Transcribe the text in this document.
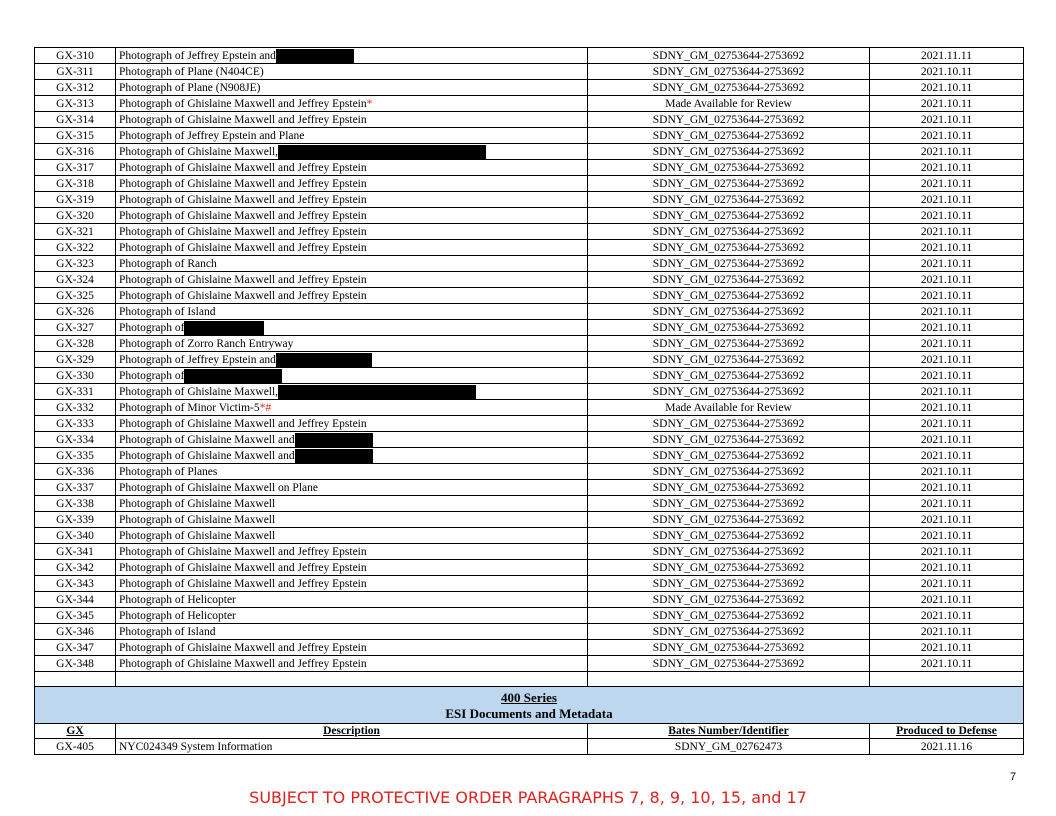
GX-310	Photograph of Jeffrey Epstein and	SDNY_GM_02753644-2753692	2021.11.11
GX-311	Photograph of Plane (N404CE)	SDNY_GM_02753644-2753692	2021.10.11
GX-312	Photograph of Plane (N908JE)	SDNY_GM_02753644-2753692	2021.10.11
GX-313	Photograph of Ghislaine Maxwell and Jeffrey Epstein*	Made Available for Review	2021.10.11
GX-314	Photograph of Ghislaine Maxwell and Jeffrey Epstein	SDNY_GM_02753644-2753692	2021.10.11
GX-315	Photograph of Jeffrey Epstein and Plane	SDNY_GM_02753644-2753692	2021.10.11
GX-316	Photograph of Ghislaine Maxwell,	SDNY_GM_02753644-2753692	2021.10.11
GX-317	Photograph of Ghislaine Maxwell and Jeffrey Epstein	SDNY_GM_02753644-2753692	2021.10.11
GX-318	Photograph of Ghislaine Maxwell and Jeffrey Epstein	SDNY_GM_02753644-2753692	2021.10.11
GX-319	Photograph of Ghislaine Maxwell and Jeffrey Epstein	SDNY_GM_02753644-2753692	2021.10.11
GX-320	Photograph of Ghislaine Maxwell and Jeffrey Epstein	SDNY_GM_02753644-2753692	2021.10.11
GX-321	Photograph of Ghislaine Maxwell and Jeffrey Epstein	SDNY_GM_02753644-2753692	2021.10.11
GX-322	Photograph of Ghislaine Maxwell and Jeffrey Epstein	SDNY_GM_02753644-2753692	2021.10.11
GX-323	Photograph of Ranch	SDNY_GM_02753644-2753692	2021.10.11
GX-324	Photograph of Ghislaine Maxwell and Jeffrey Epstein	SDNY_GM_02753644-2753692	2021.10.11
GX-325	Photograph of Ghislaine Maxwell and Jeffrey Epstein	SDNY_GM_02753644-2753692	2021.10.11
GX-326	Photograph of Island	SDNY_GM_02753644-2753692	2021.10.11
GX-327	Photograph of	SDNY_GM_02753644-2753692	2021.10.11
GX-328	Photograph of Zorro Ranch Entryway	SDNY_GM_02753644-2753692	2021.10.11
GX-329	Photograph of Jeffrey Epstein and	SDNY_GM_02753644-2753692	2021.10.11
GX-330	Photograph of	SDNY_GM_02753644-2753692	2021.10.11
GX-331	Photograph of Ghislaine Maxwell,	SDNY_GM_02753644-2753692	2021.10.11
GX-332	Photograph of Minor Victim-5*#	Made Available for Review	2021.10.11
GX-333	Photograph of Ghislaine Maxwell and Jeffrey Epstein	SDNY_GM_02753644-2753692	2021.10.11
GX-334	Photograph of Ghislaine Maxwell and	SDNY_GM_02753644-2753692	2021.10.11
GX-335	Photograph of Ghislaine Maxwell and	SDNY_GM_02753644-2753692	2021.10.11
GX-336	Photograph of Planes	SDNY_GM_02753644-2753692	2021.10.11
GX-337	Photograph of Ghislaine Maxwell on Plane	SDNY_GM_02753644-2753692	2021.10.11
GX-338	Photograph of Ghislaine Maxwell	SDNY_GM_02753644-2753692	2021.10.11
GX-339	Photograph of Ghislaine Maxwell	SDNY_GM_02753644-2753692	2021.10.11
GX-340	Photograph of Ghislaine Maxwell	SDNY_GM_02753644-2753692	2021.10.11
GX-341	Photograph of Ghislaine Maxwell and Jeffrey Epstein	SDNY_GM_02753644-2753692	2021.10.11
GX-342	Photograph of Ghislaine Maxwell and Jeffrey Epstein	SDNY_GM_02753644-2753692	2021.10.11
GX-343	Photograph of Ghislaine Maxwell and Jeffrey Epstein	SDNY_GM_02753644-2753692	2021.10.11
GX-344	Photograph of Helicopter	SDNY_GM_02753644-2753692	2021.10.11
GX-345	Photograph of Helicopter	SDNY_GM_02753644-2753692	2021.10.11
GX-346	Photograph of Island	SDNY_GM_02753644-2753692	2021.10.11
GX-347	Photograph of Ghislaine Maxwell and Jeffrey Epstein	SDNY_GM_02753644-2753692	2021.10.11
GX-348	Photograph of Ghislaine Maxwell and Jeffrey Epstein	SDNY_GM_02753644-2753692	2021.10.11

400 Series
ESI Documents and Metadata			
GX	Description	Bates Number/Identifier	Produced to Defense
GX-405	NYC024349 System Information	SDNY_GM_02762473	2021.11.16
7
SUBJECT TO PROTECTIVE ORDER PARAGRAPHS 7, 8, 9, 10, 15, and 17
